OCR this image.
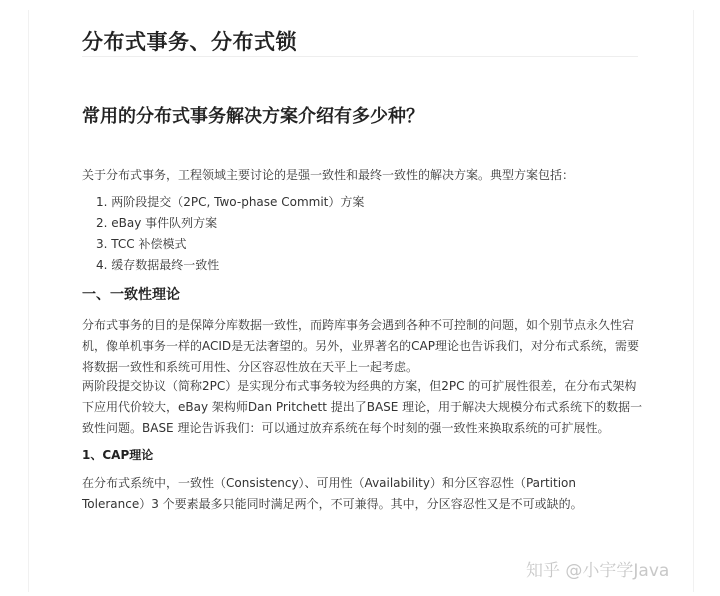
分布式事务、分布式锁
常用的分布式事务解决方案介绍有多少种？

关于分布式事务，工程领域主要讨论的是强一致性和最终一致性的解决方案。典型方案包括：

1. 两阶段提交（2PC, Two-phase Commit）方案
2. eBay 事件队列方案
3. TCC 补偿模式
4. 缓存数据最终一致性
一、一致性理论

分布式事务的目的是保障分库数据一致性，而跨库事务会遇到各种不可控制的问题，如个别节点永久性宕机，像单机事务一样的ACID是无法奢望的。另外，业界著名的CAP理论也告诉我们，对分布式系统，需要将数据一致性和系统可用性、分区容忍性放在天平上一起考虑。

两阶段提交协议（简称2PC）是实现分布式事务较为经典的方案，但2PC 的可扩展性很差，在分布式架构下应用代价较大，eBay 架构师Dan Pritchett 提出了BASE 理论，用于解决大规模分布式系统下的数据一致性问题。BASE 理论告诉我们：可以通过放弃系统在每个时刻的强一致性来换取系统的可扩展性。

1、CAP理论

在分布式系统中，一致性（Consistency）、可用性（Availability）和分区容忍性（Partition Tolerance）3 个要素最多只能同时满足两个，不可兼得。其中，分区容忍性又是不可或缺的。

知乎 @小宇学Java
